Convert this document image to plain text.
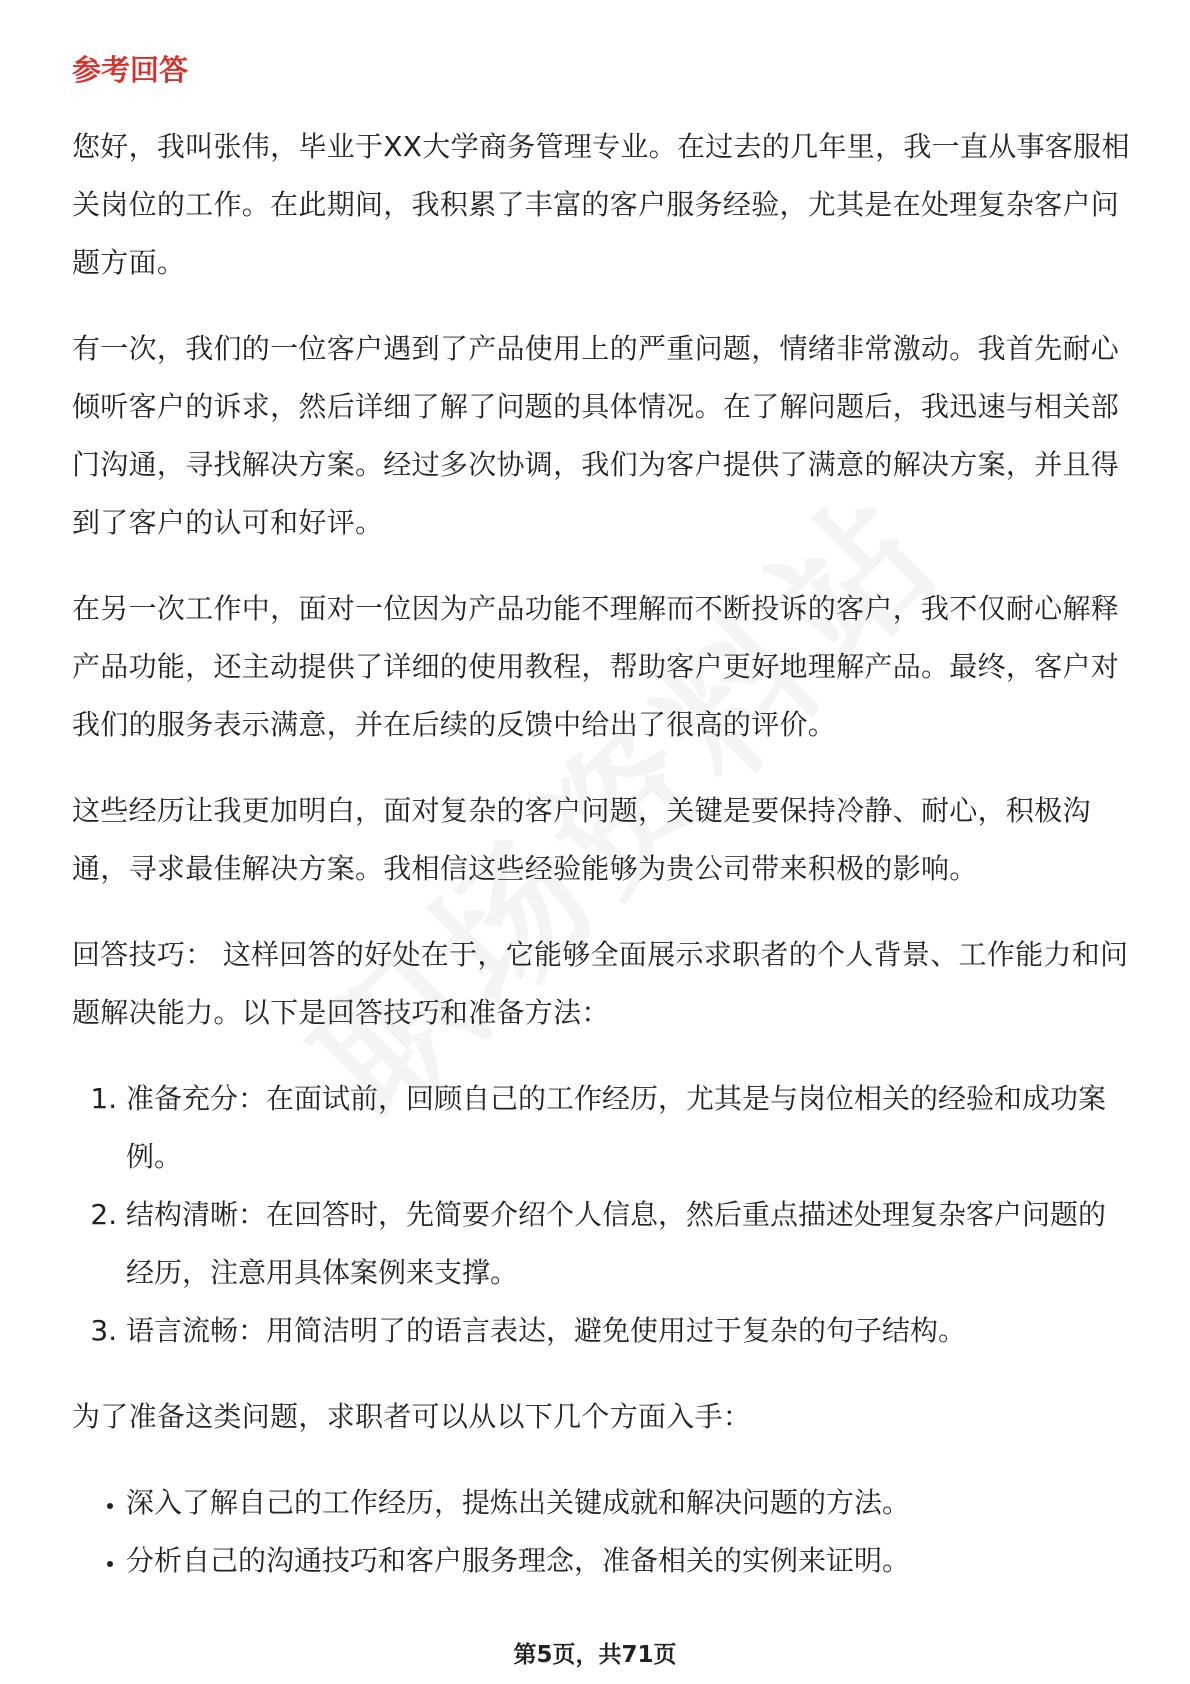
参考回答

您好，我叫张伟，毕业于XX大学商务管理专业。在过去的几年里，我一直从事客服相关岗位的工作。在此期间，我积累了丰富的客户服务经验，尤其是在处理复杂客户问题方面。

有一次，我们的一位客户遇到了产品使用上的严重问题，情绪非常激动。我首先耐心倾听客户的诉求，然后详细了解了问题的具体情况。在了解问题后，我迅速与相关部门沟通，寻找解决方案。经过多次协调，我们为客户提供了满意的解决方案，并且得到了客户的认可和好评。

在另一次工作中，面对一位因为产品功能不理解而不断投诉的客户，我不仅耐心解释产品功能，还主动提供了详细的使用教程，帮助客户更好地理解产品。最终，客户对我们的服务表示满意，并在后续的反馈中给出了很高的评价。

这些经历让我更加明白，面对复杂的客户问题，关键是要保持冷静、耐心，积极沟通，寻求最佳解决方案。我相信这些经验能够为贵公司带来积极的影响。

回答技巧： 这样回答的好处在于，它能够全面展示求职者的个人背景、工作能力和问题解决能力。以下是回答技巧和准备方法：

1. 准备充分：在面试前，回顾自己的工作经历，尤其是与岗位相关的经验和成功案例。
2. 结构清晰：在回答时，先简要介绍个人信息，然后重点描述处理复杂客户问题的经历，注意用具体案例来支撑。
3. 语言流畅：用简洁明了的语言表达，避免使用过于复杂的句子结构。

为了准备这类问题，求职者可以从以下几个方面入手：

• 深入了解自己的工作经历，提炼出关键成就和解决问题的方法。
• 分析自己的沟通技巧和客户服务理念，准备相关的实例来证明。
第5页，共71页
